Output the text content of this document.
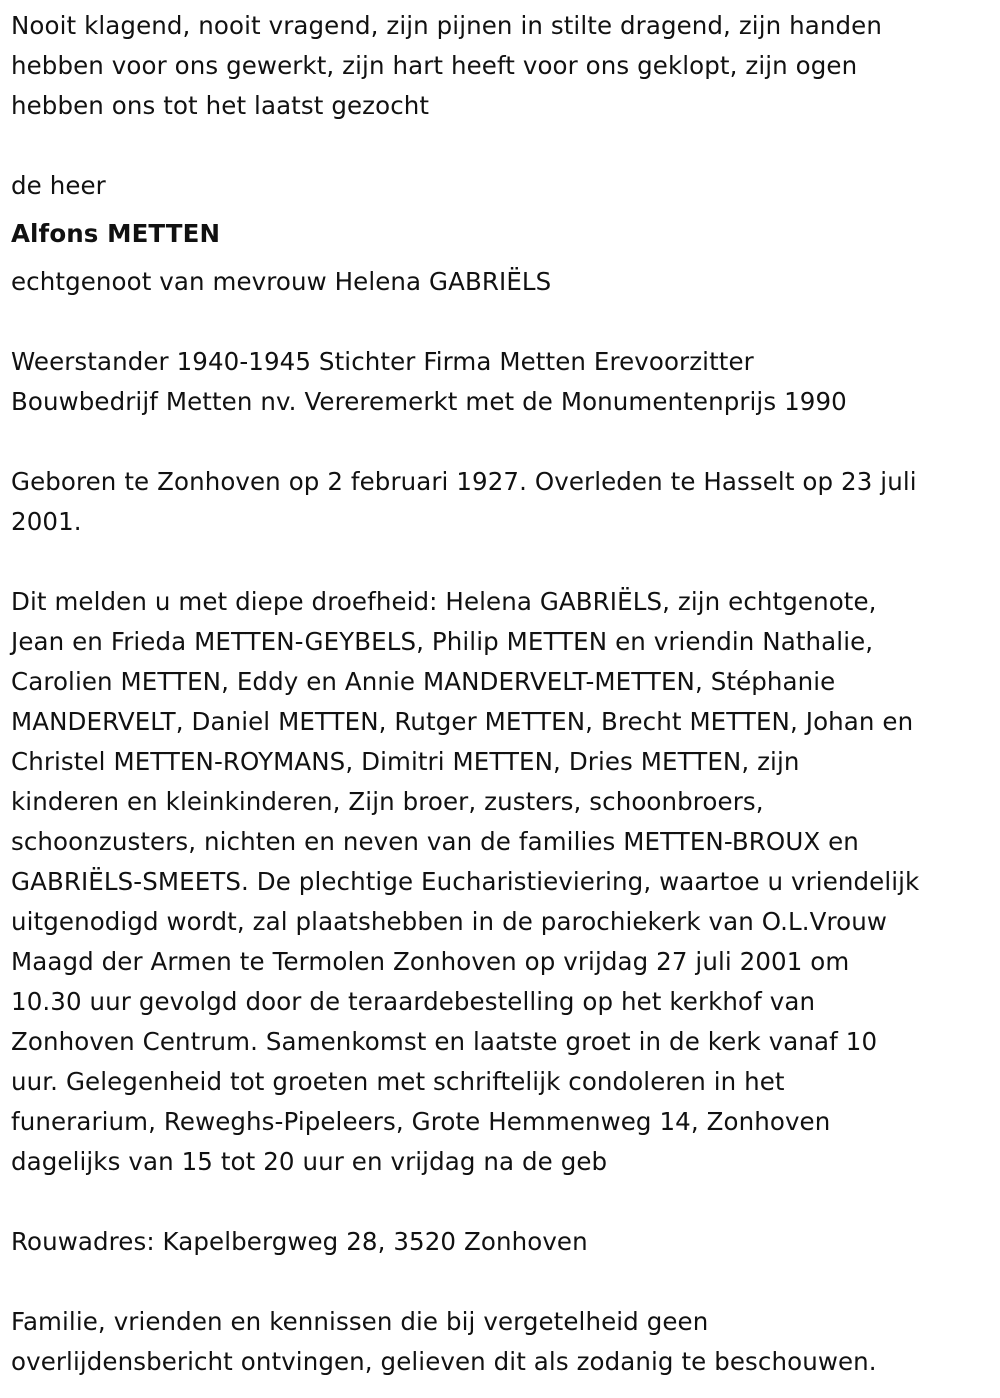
Nooit klagend, nooit vragend, zijn pijnen in stilte dragend, zijn handen
hebben voor ons gewerkt, zijn hart heeft voor ons geklopt, zijn ogen
hebben ons tot het laatst gezocht
de heer
Alfons METTEN
echtgenoot van mevrouw Helena GABRIËLS
Weerstander 1940-1945 Stichter Firma Metten Erevoorzitter
Bouwbedrijf Metten nv. Vereremerkt met de Monumentenprijs 1990
Geboren te Zonhoven op 2 februari 1927. Overleden te Hasselt op 23 juli
2001.
Dit melden u met diepe droefheid: Helena GABRIËLS, zijn echtgenote,
Jean en Frieda METTEN-GEYBELS, Philip METTEN en vriendin Nathalie,
Carolien METTEN, Eddy en Annie MANDERVELT-METTEN, Stéphanie
MANDERVELT, Daniel METTEN, Rutger METTEN, Brecht METTEN, Johan en
Christel METTEN-ROYMANS, Dimitri METTEN, Dries METTEN, zijn
kinderen en kleinkinderen, Zijn broer, zusters, schoonbroers,
schoonzusters, nichten en neven van de families METTEN-BROUX en
GABRIËLS-SMEETS. De plechtige Eucharistieviering, waartoe u vriendelijk
uitgenodigd wordt, zal plaatshebben in de parochiekerk van O.L.Vrouw
Maagd der Armen te Termolen Zonhoven op vrijdag 27 juli 2001 om
10.30 uur gevolgd door de teraardebestelling op het kerkhof van
Zonhoven Centrum. Samenkomst en laatste groet in de kerk vanaf 10
uur. Gelegenheid tot groeten met schriftelijk condoleren in het
funerarium, Reweghs-Pipeleers, Grote Hemmenweg 14, Zonhoven
dagelijks van 15 tot 20 uur en vrijdag na de geb
Rouwadres: Kapelbergweg 28, 3520 Zonhoven
Familie, vrienden en kennissen die bij vergetelheid geen
overlijdensbericht ontvingen, gelieven dit als zodanig te beschouwen.
